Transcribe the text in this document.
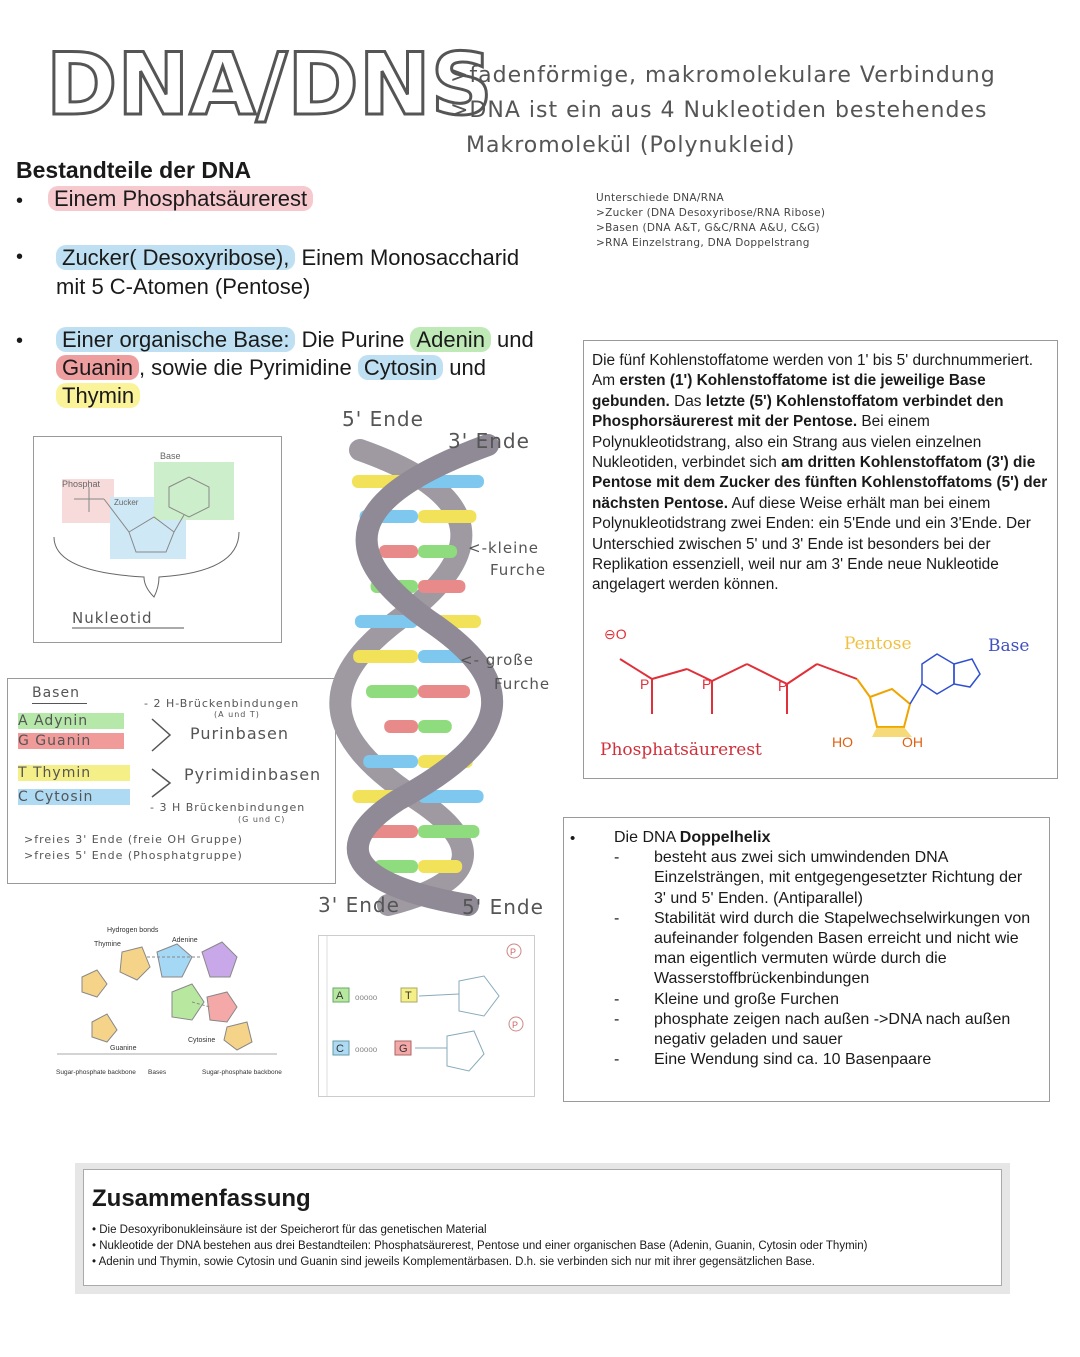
DNA/DNS
>fadenförmige, makromolekulare Verbindung
>DNA ist ein aus 4 Nukleotiden bestehendes
Makromolekül (Polynukleid)
Bestandteile der DNA
• Einem Phosphatsäurerest
• Zucker( Desoxyribose), Einem Monosaccharid
mit 5 C-Atomen (Pentose)
• Einer organische Base: Die Purine Adenin und
Guanin , sowie die Pyrimidine Cytosin und
Thymin
Unterschiede DNA/RNA
>Zucker (DNA Desoxyribose/RNA Ribose)
>Basen (DNA A&T, G&C/RNA A&U, C&G)
>RNA Einzelstrang, DNA Doppelstrang
Phosphat
Zucker
Base
Nukleotid
Basen
A Adynin
G Guanin
T Thymin
C Cytosin
- 2 H-Brückenbindungen
(A und T)
Purinbasen
Pyrimidinbasen
- 3 H Brückenbindungen
(G und C)
>freies 3' Ende (freie OH Gruppe)
>freies 5' Ende (Phosphatgruppe)
5' Ende
3' Ende
3' Ende	5' Ende
<-kleine
Furche
<- große
Furche
Die fünf Kohlenstoffatome werden von 1' bis 5' durchnummeriert. Am ersten (1') Kohlenstoffatome ist die jeweilige Base gebunden. Das letzte (5') Kohlenstoffatom verbindet den Phosphorsäurerest mit der Pentose. Bei einem Polynukleotidstrang, also ein Strang aus vielen einzelnen Nukleotiden, verbindet sich am dritten Kohlenstoffatom (3') die Pentose mit dem Zucker des fünften Kohlenstoffatoms (5') der nächsten Pentose. Auf diese Weise erhält man bei einem Polynukleotidstrang zwei Enden: ein 5'Ende und ein 3'Ende. Der Unterschied zwischen 5' und 3' Ende ist besonders bei der Replikation essenziell, weil nur am 3' Ende neue Nukleotide angelagert werden können.
⊖O
P	P	P
Pentose	Base
Phosphatsäurerest	HO	OH
• Die DNA Doppelhelix
- besteht aus zwei sich umwindenden DNA Einzelsträngen, mit entgegengesetzter Richtung der 3' und 5' Enden. (Antiparallel)
- Stabilität wird durch die Stapelwechselwirkungen von aufeinander folgenden Basen erreicht und nicht wie man eigentlich vermuten würde durch die Wasserstoffbrückenbindungen
- Kleine und große Furchen
- phosphate zeigen nach außen ->DNA nach außen negativ geladen und sauer
- Eine Wendung sind ca. 10 Basenpaare
Hydrogen bonds
Thymine
Adenine
Guanine
Cytosine
Sugar-phosphate backbone Bases	Sugar-phosphate backbone
A	T
C	G
ooooo
ooooo
P
P
Zusammenfassung
• Die Desoxyribonukleinsäure ist der Speicherort für das genetischen Material
• Nukleotide der DNA bestehen aus drei Bestandteilen: Phosphatsäurerest, Pentose und einer organischen Base (Adenin, Guanin, Cytosin oder Thymin)
• Adenin und Thymin, sowie Cytosin und Guanin sind jeweils Komplementärbasen. D.h. sie verbinden sich nur mit ihrer gegensätzlichen Base.
